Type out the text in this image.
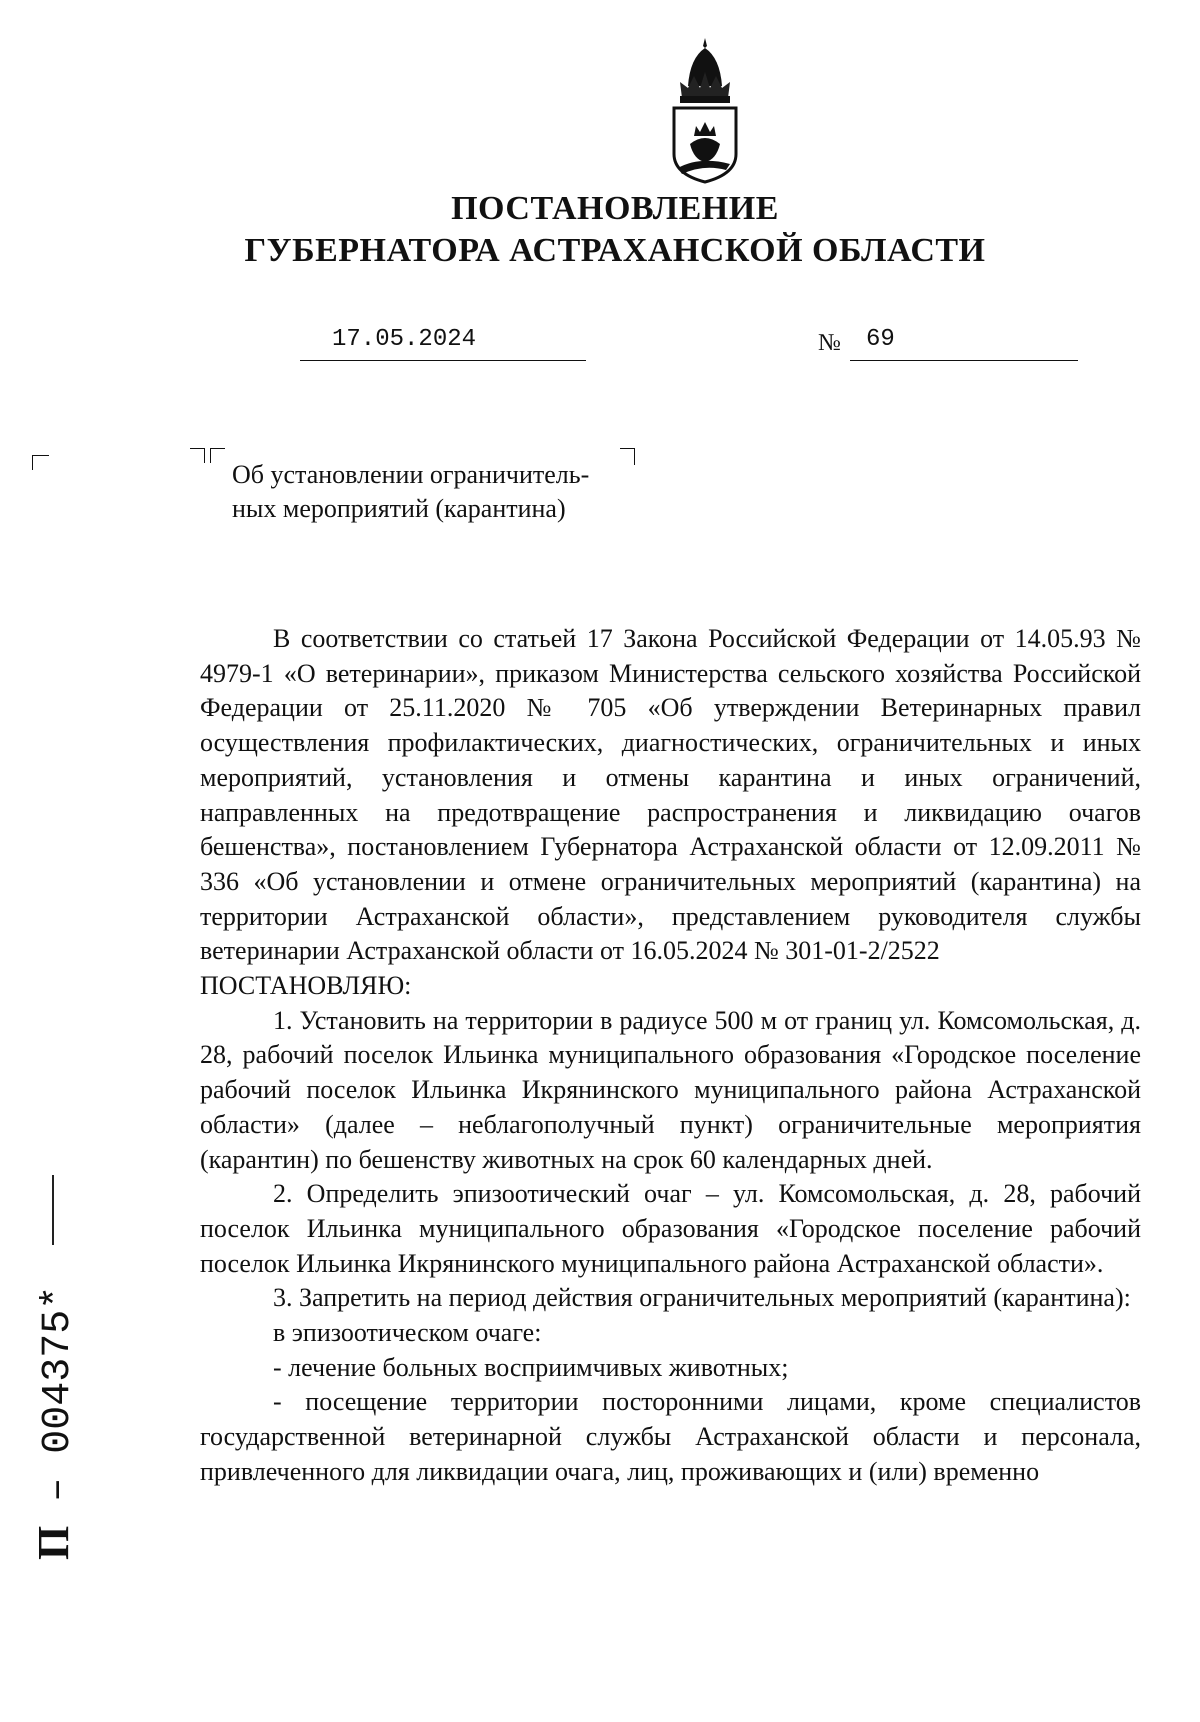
ПОСТАНОВЛЕНИЕ
ГУБЕРНАТОРА АСТРАХАНСКОЙ ОБЛАСТИ
17.05.2024	№	69
Об установлении ограничитель-
ных мероприятий (карантина)

В соответствии со статьей 17 Закона Российской Федерации от 14.05.93 № 4979-1 «О ветеринарии», приказом Министерства сельского хозяйства Российской Федерации от 25.11.2020 № 705 «Об утверждении Ветеринарных правил осуществления профилактических, диагностических, ограничительных и иных мероприятий, установления и отмены карантина и иных ограничений, направленных на предотвращение распространения и ликвидацию очагов бешенства», постановлением Губернатора Астраханской области от 12.09.2011 № 336 «Об установлении и отмене ограничительных мероприятий (карантина) на территории Астраханской области», представлением руководителя службы ветеринарии Астраханской области от 16.05.2024 № 301-01-2/2522

ПОСТАНОВЛЯЮ:

1. Установить на территории в радиусе 500 м от границ ул. Комсомольская, д. 28, рабочий поселок Ильинка муниципального образования «Городское поселение рабочий поселок Ильинка Икрянинского муниципального района Астраханской области» (далее – неблагополучный пункт) ограничительные мероприятия (карантин) по бешенству животных на срок 60 календарных дней.

2. Определить эпизоотический очаг – ул. Комсомольская, д. 28, рабочий поселок Ильинка муниципального образования «Городское поселение рабочий поселок Ильинка Икрянинского муниципального района Астраханской области».

3. Запретить на период действия ограничительных мероприятий (карантина):

в эпизоотическом очаге:

- лечение больных восприимчивых животных;

- посещение территории посторонними лицами, кроме специалистов государственной ветеринарной службы Астраханской области и персонала, привлеченного для ликвидации очага, лиц, проживающих и (или) временно

П – 004375*
